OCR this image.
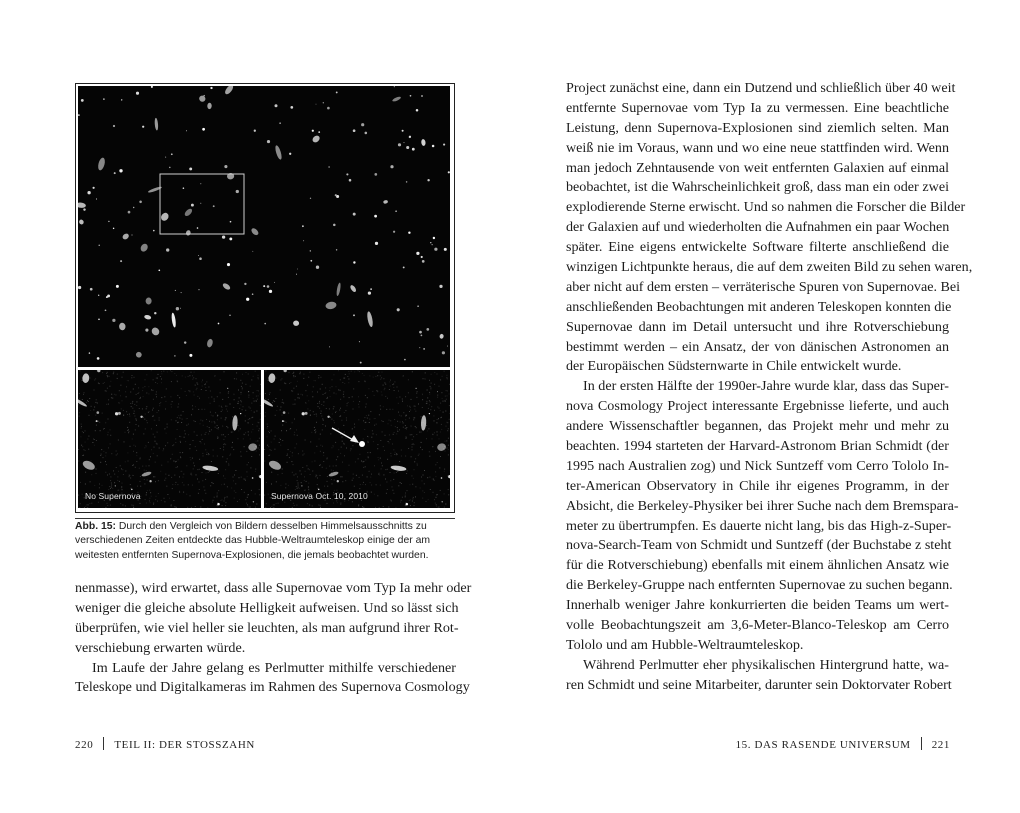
No Supernova	Supernova Oct. 10, 2010
Abb. 15: Durch den Vergleich von Bildern desselben Himmelsausschnitts zu
verschiedenen Zeiten entdeckte das Hubble-Weltraumteleskop einige der am
weitesten entfernten Supernova-Explosionen, die jemals beobachtet wurden.
nenmasse), wird erwartet, dass alle Supernovae vom Typ Ia mehr oder
weniger die gleiche absolute Helligkeit aufweisen. Und so lässt sich
überprüfen, wie viel heller sie leuchten, als man aufgrund ihrer Rot-
verschiebung erwarten würde.
Im Laufe der Jahre gelang es Perlmutter mithilfe verschiedener
Teleskope und Digitalkameras im Rahmen des Supernova Cosmology
220 TEIL II: DER STOSSZAHN
Project zunächst eine, dann ein Dutzend und schließlich über 40 weit
entfernte Supernovae vom Typ Ia zu vermessen. Eine beachtliche
Leistung, denn Supernova-Explosionen sind ziemlich selten. Man
weiß nie im Voraus, wann und wo eine neue stattfinden wird. Wenn
man jedoch Zehntausende von weit entfernten Galaxien auf einmal
beobachtet, ist die Wahrscheinlichkeit groß, dass man ein oder zwei
explodierende Sterne erwischt. Und so nahmen die Forscher die Bilder
der Galaxien auf und wiederholten die Aufnahmen ein paar Wochen
später. Eine eigens entwickelte Software filterte anschließend die
winzigen Lichtpunkte heraus, die auf dem zweiten Bild zu sehen waren,
aber nicht auf dem ersten – verräterische Spuren von Supernovae. Bei
anschließenden Beobachtungen mit anderen Teleskopen konnten die
Supernovae dann im Detail untersucht und ihre Rotverschiebung
bestimmt werden – ein Ansatz, der von dänischen Astronomen an
der Europäischen Südsternwarte in Chile entwickelt wurde.
In der ersten Hälfte der 1990er-Jahre wurde klar, dass das Super-
nova Cosmology Project interessante Ergebnisse lieferte, und auch
andere Wissenschaftler begannen, das Projekt mehr und mehr zu
beachten. 1994 starteten der Harvard-Astronom Brian Schmidt (der
1995 nach Australien zog) und Nick Suntzeff vom Cerro Tololo In-
ter-American Observatory in Chile ihr eigenes Programm, in der
Absicht, die Berkeley-Physiker bei ihrer Suche nach dem Bremspara-
meter zu übertrumpfen. Es dauerte nicht lang, bis das High-z-Super-
nova-Search-Team von Schmidt und Suntzeff (der Buchstabe z steht
für die Rotverschiebung) ebenfalls mit einem ähnlichen Ansatz wie
die Berkeley-Gruppe nach entfernten Supernovae zu suchen begann.
Innerhalb weniger Jahre konkurrierten die beiden Teams um wert-
volle Beobachtungszeit am 3,6-Meter-Blanco-Teleskop am Cerro
Tololo und am Hubble-Weltraumteleskop.
Während Perlmutter eher physikalischen Hintergrund hatte, wa-
ren Schmidt und seine Mitarbeiter, darunter sein Doktorvater Robert
15. DAS RASENDE UNIVERSUM 221
